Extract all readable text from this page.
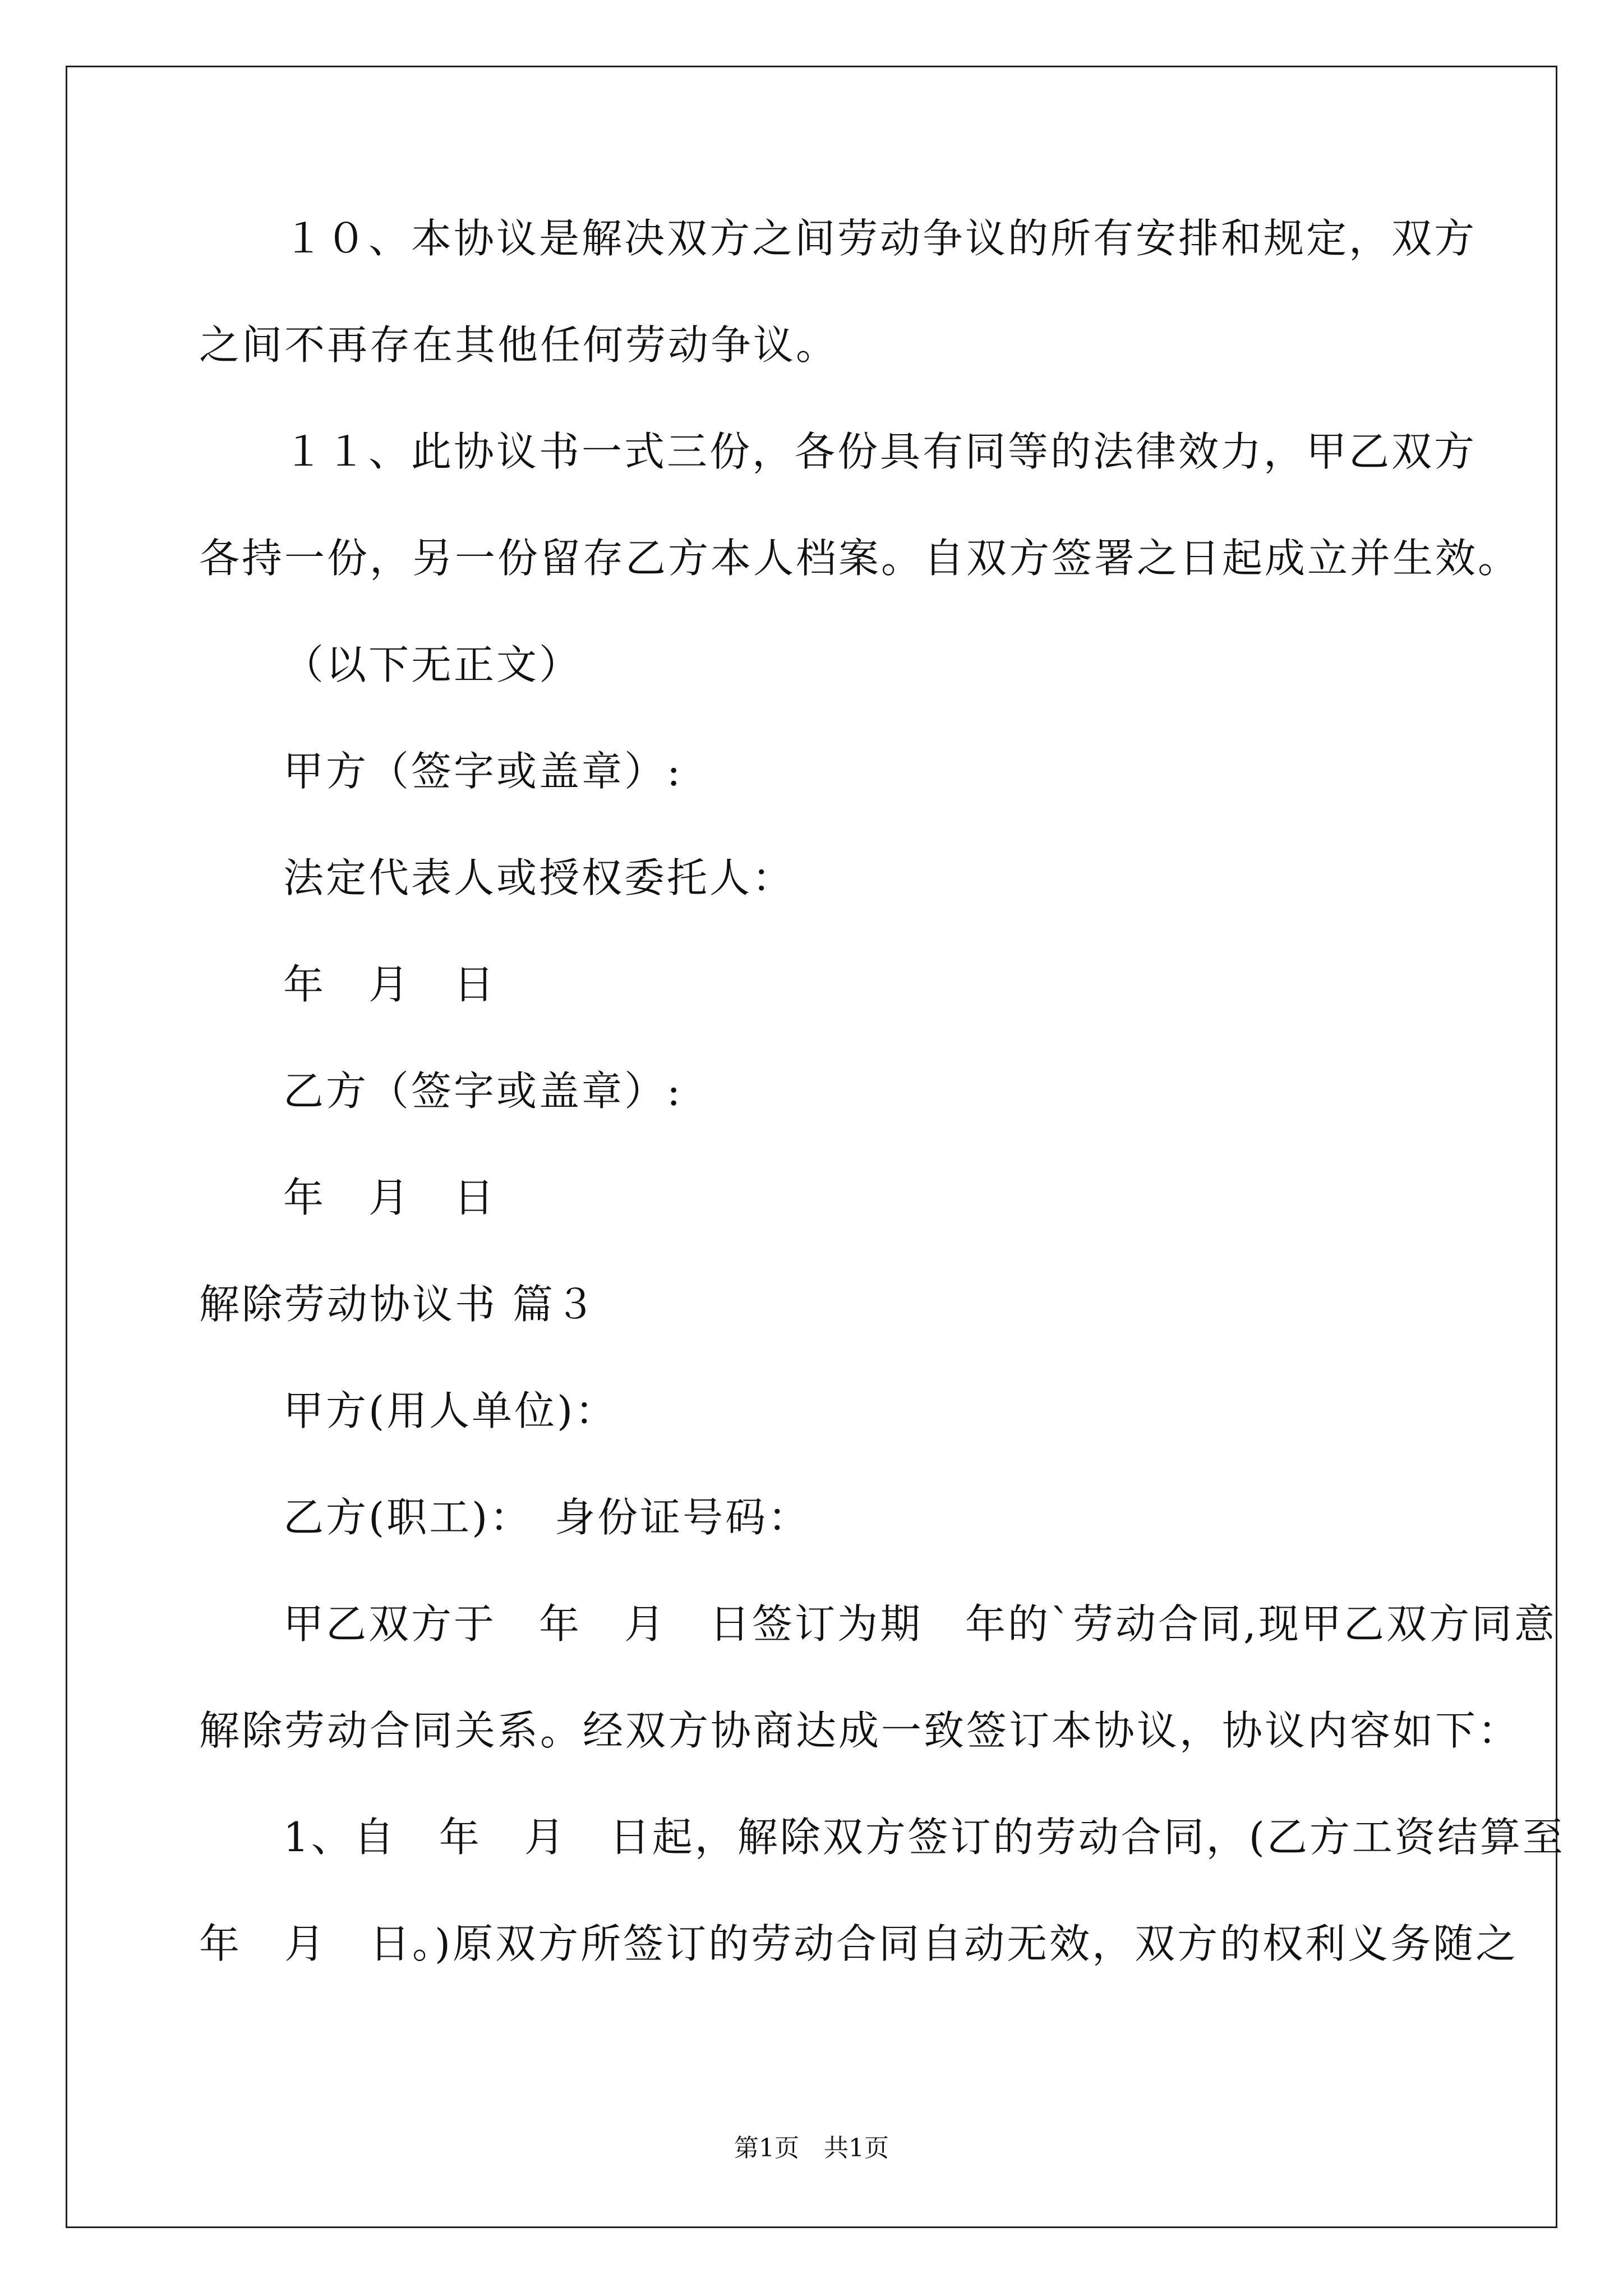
１０、本协议是解决双方之间劳动争议的所有安排和规定，双方
之间不再存在其他任何劳动争议。
１１、此协议书一式三份，各份具有同等的法律效力，甲乙双方
各持一份，另一份留存乙方本人档案。自双方签署之日起成立并生效。
（以下无正文）
甲方（签字或盖章）:
法定代表人或授权委托人：
年　月　日
乙方（签字或盖章）:
年　月　日
解除劳动协议书 篇３
甲方(用人单位)：
乙方(职工)：　身份证号码：
甲乙双方于　年　月　日签订为期　年的`劳动合同,现甲乙双方同意
解除劳动合同关系。经双方协商达成一致签订本协议，协议内容如下：
1、自　年　月　日起，解除双方签订的劳动合同，(乙方工资结算至
年　月　日。)原双方所签订的劳动合同自动无效，双方的权利义务随之
第1页　共1页
